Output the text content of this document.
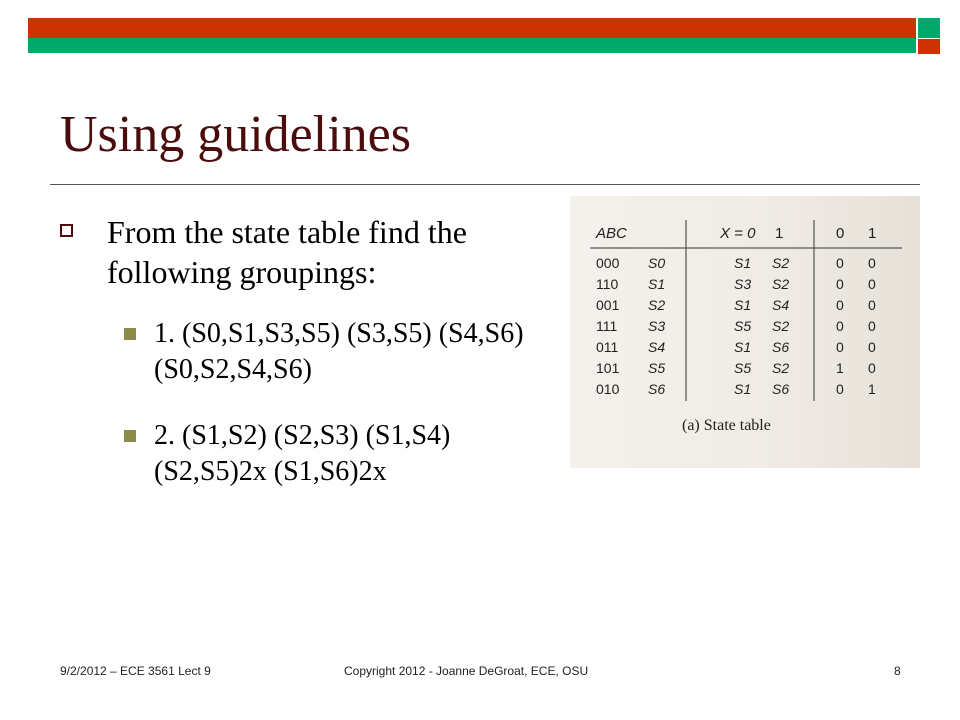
Using guidelines
From the state table find the following groupings:
1. (S0,S1,S3,S5) (S3,S5) (S4,S6) (S0,S2,S4,S6)
2. (S1,S2) (S2,S3) (S1,S4) (S2,S5)2x (S1,S6)2x
ABC	X = 0 1	0 1
000 S0	S1 S2	0 0
110 S1	S3 S2	0 0
001 S2	S1 S4	0 0
111 S3	S5 S2	0 0
011 S4	S1 S6	0 0
101 S5	S5 S2	1 0
010 S6	S1 S6	0 1
(a) State table
9/2/2012 – ECE 3561 Lect 9	Copyright 2012 - Joanne DeGroat, ECE, OSU	8
